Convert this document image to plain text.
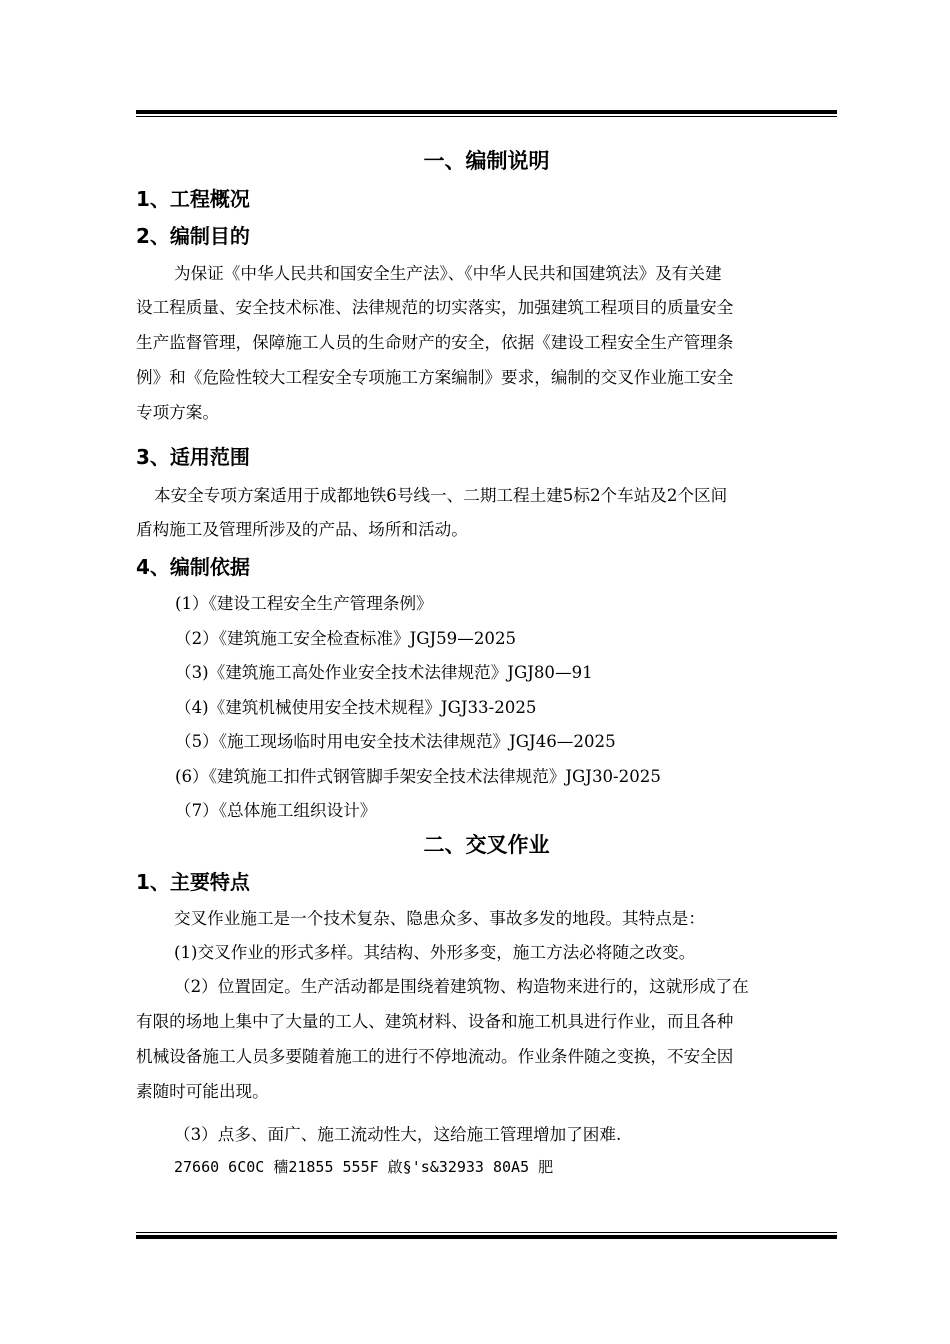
一、编制说明
1、工程概况
2、编制目的
为保证《中华人民共和国安全生产法》、《中华人民共和国建筑法》及有关建
设工程质量、安全技术标准、法律规范的切实落实，加强建筑工程项目的质量安全
生产监督管理，保障施工人员的生命财产的安全，依据《建设工程安全生产管理条
例》和《危险性较大工程安全专项施工方案编制》要求，编制的交叉作业施工安全
专项方案。
3、适用范围
本安全专项方案适用于成都地铁6号线一、二期工程土建5标2个车站及2个区间
盾构施工及管理所涉及的产品、场所和活动。
4、编制依据
(1）《建设工程安全生产管理条例》
（2）《建筑施工安全检查标准》JGJ59—2025
（3)《建筑施工高处作业安全技术法律规范》JGJ80—91
（4)《建筑机械使用安全技术规程》JGJ33-2025
（5）《施工现场临时用电安全技术法律规范》JGJ46—2025
(6）《建筑施工扣件式钢管脚手架安全技术法律规范》JGJ30-2025
（7）《总体施工组织设计》
二、交叉作业
1、主要特点
交叉作业施工是一个技术复杂、隐患众多、事故多发的地段。其特点是：
(1)交叉作业的形式多样。其结构、外形多变，施工方法必将随之改变。
（2）位置固定。生产活动都是围绕着建筑物、构造物来进行的，这就形成了在
有限的场地上集中了大量的工人、建筑材料、设备和施工机具进行作业，而且各种
机械设备施工人员多要随着施工的进行不停地流动。作业条件随之变换，不安全因
素随时可能出现。
（3）点多、面广、施工流动性大，这给施工管理增加了困难.
27660 6C0C 穯21855 555F 啟§'s&32933 80A5 肥
